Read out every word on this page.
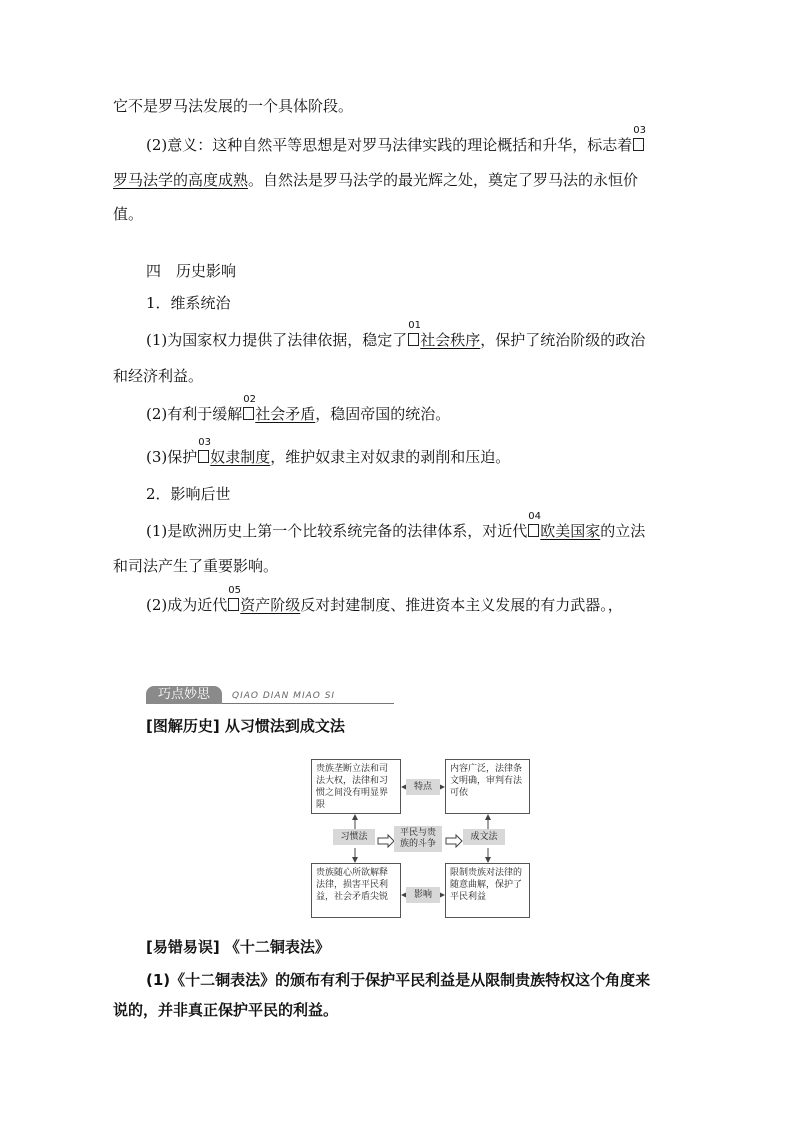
它不是罗马法发展的一个具体阶段。
(2)意义：这种自然平等思想是对罗马法律实践的理论概括和升华，标志着
03
罗马法学的高度成熟。自然法是罗马法学的最光辉之处，奠定了罗马法的永恒价
值。
四　历史影响
1．维系统治
(1)为国家权力提供了法律依据，稳定了
01
社会秩序，保护了统治阶级的政治
和经济利益。
(2)有利于缓解
02
社会矛盾，稳固帝国的统治。
(3)保护
03
奴隶制度，维护奴隶主对奴隶的剥削和压迫。
2．影响后世
(1)是欧洲历史上第一个比较系统完备的法律体系，对近代
04
欧美国家的立法
和司法产生了重要影响。
(2)成为近代
05
资产阶级反对封建制度、推进资本主义发展的有力武器。，
巧点妙思	QIAO DIAN MIAO SI
[图解历史] 从习惯法到成文法
贵族垄断立法和司法大权，法律和习惯之间没有明显界限
内容广泛，法律条文明确，审判有法可依
特点
习惯法	平民与贵族的斗争
成文法
贵族随心所欲解释法律，损害平民利益，社会矛盾尖锐
限制贵族对法律的随意曲解，保护了平民利益
影响
[易错易误] 《十二铜表法》
(1)《十二铜表法》的颁布有利于保护平民利益是从限制贵族特权这个角度来
说的，并非真正保护平民的利益。
